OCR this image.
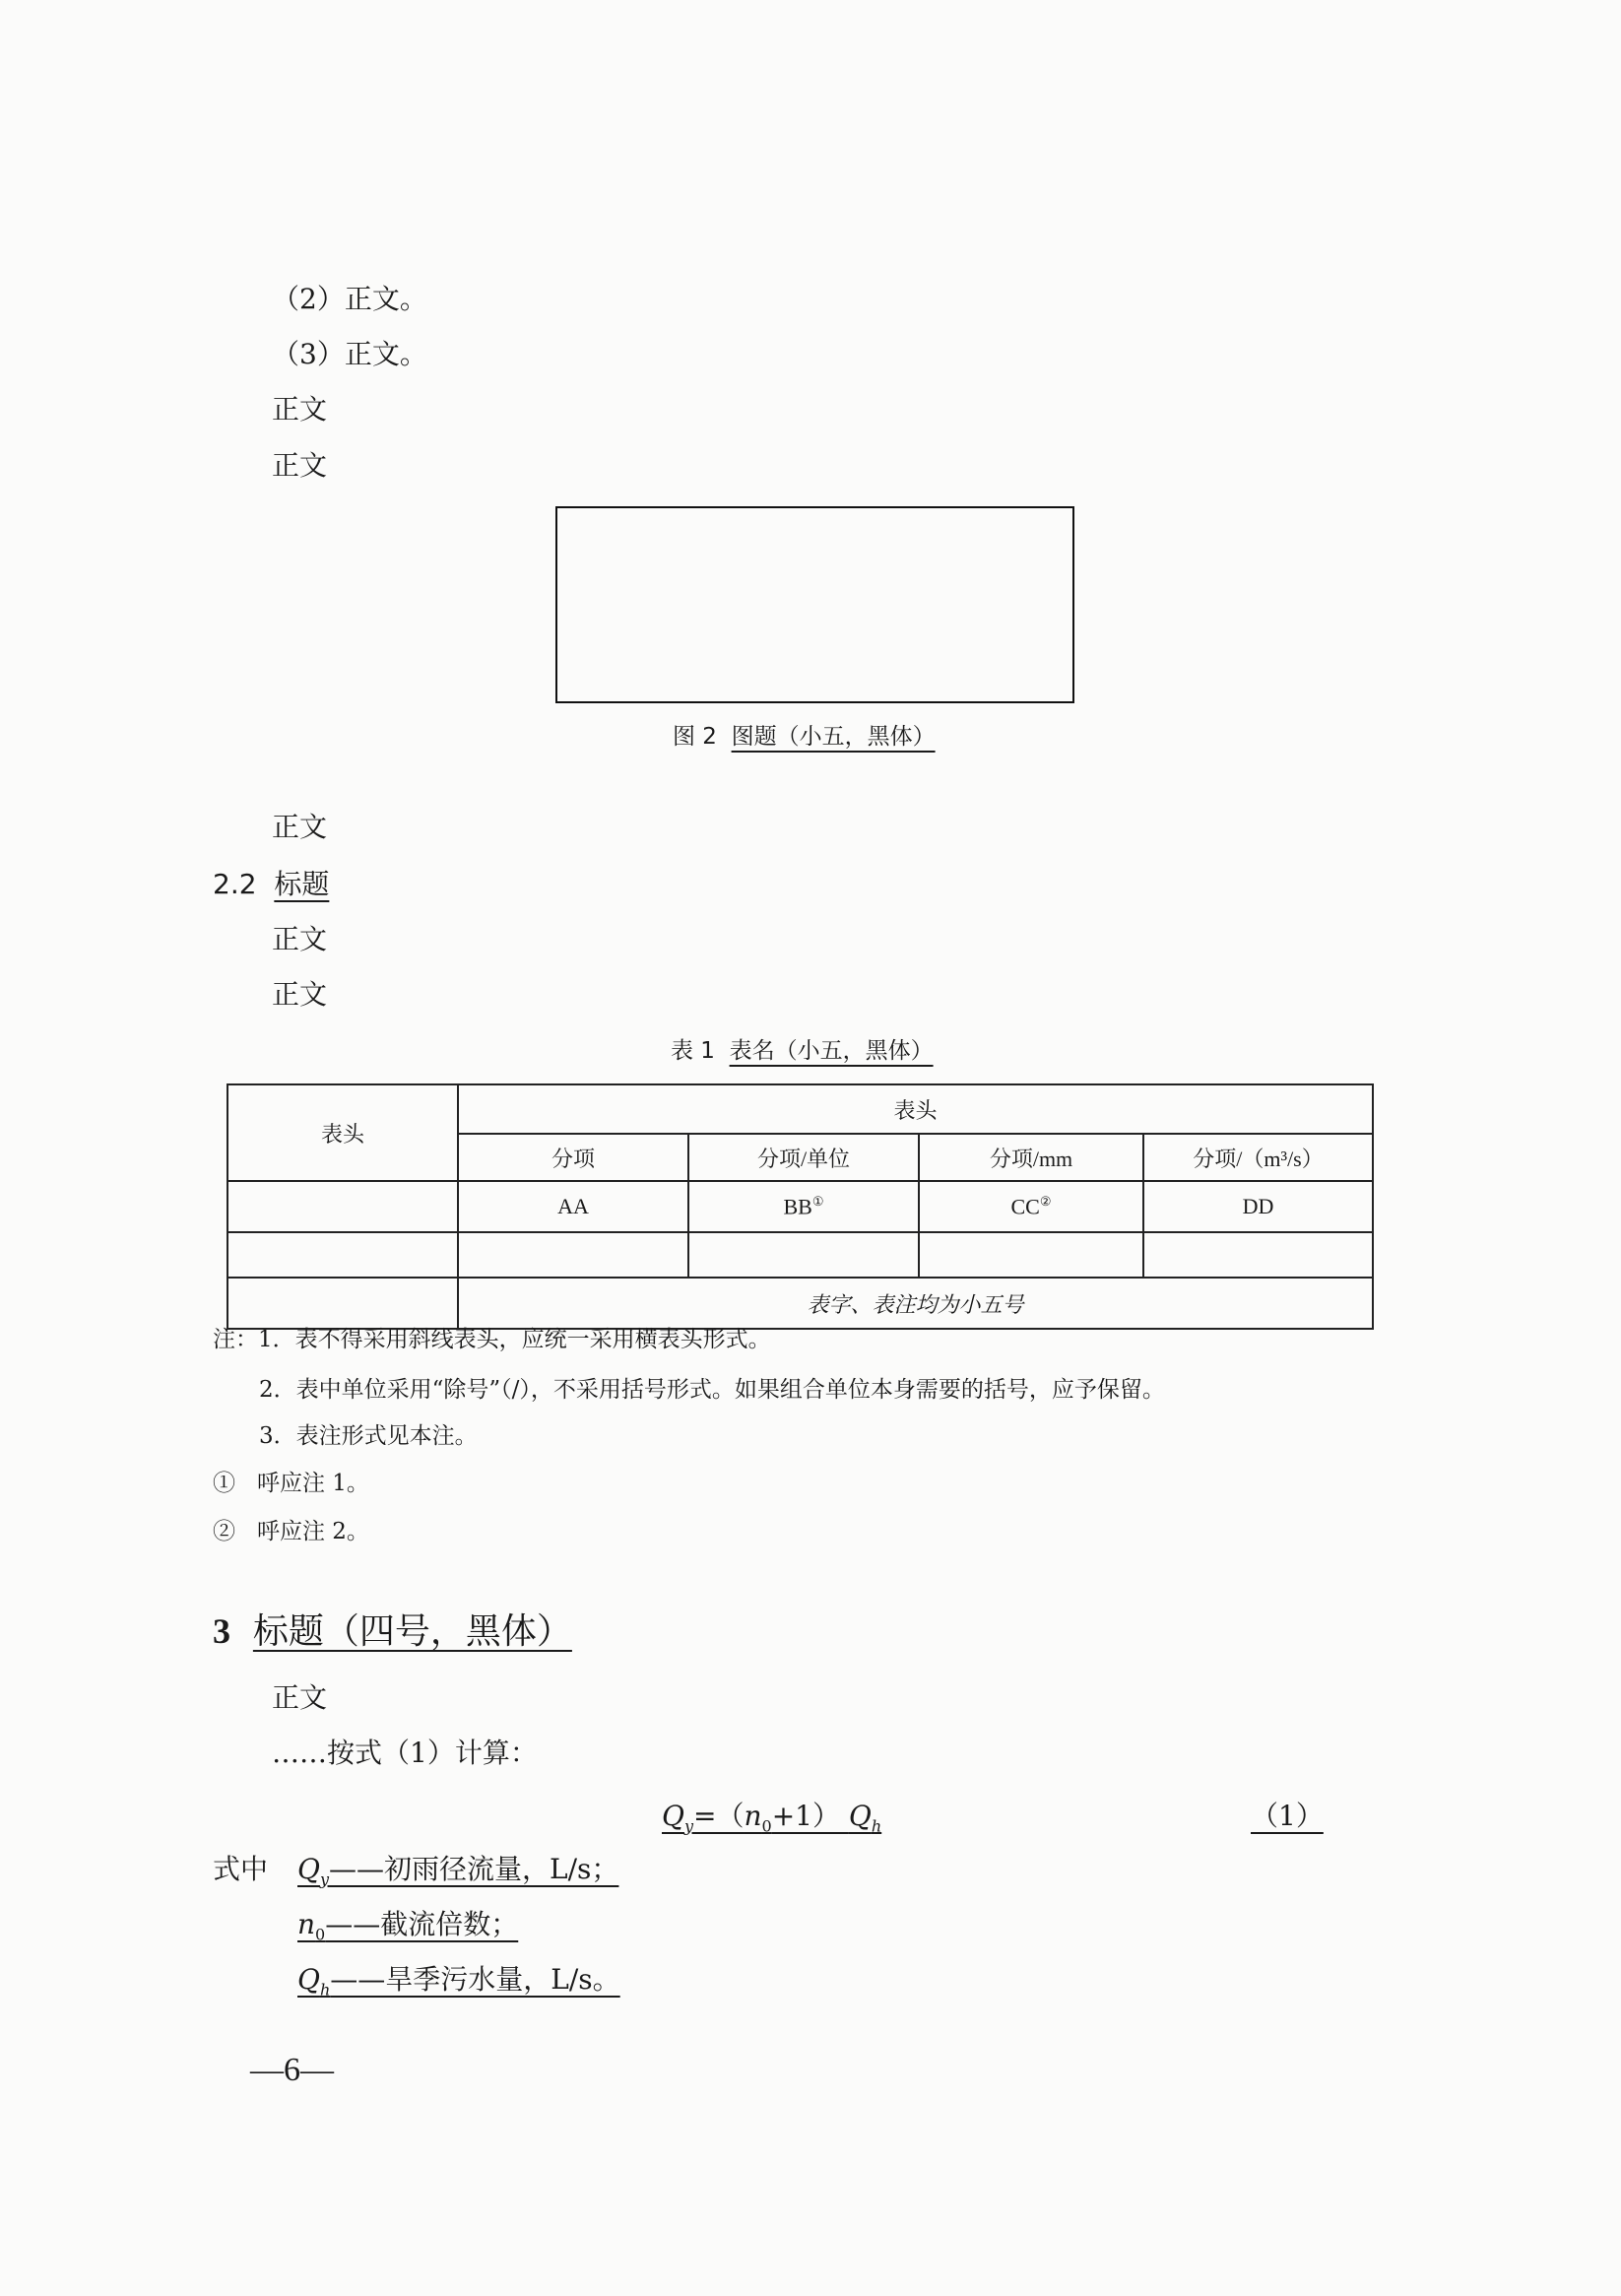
（2）正文。
（3）正文。
正文
正文
图 2 图题（小五，黑体）
正文
2.2 标题
正文
正文
表 1 表名（小五，黑体）
表头	表头			
	分项	分项/单位	分项/mm	分项/（m³/s）
	AA	BB①	CC②	DD

	表字、表注均为小五号			
注：1．表不得采用斜线表头，应统一采用横表头形式。
2．表中单位采用“除号”（/），不采用括号形式。如果组合单位本身需要的括号，应予保留。
3．表注形式见本注。
① 呼应注 1。
② 呼应注 2。
3 标题（四号，黑体）
正文
……按式（1）计算：
$Q_y=(n_0+1)$ $Q_h$	（1）
式中 $Q_y——$初雨径流量，L/s；
$n_0——$截流倍数；
$Q_h——$旱季污水量，L/s。
—6—
